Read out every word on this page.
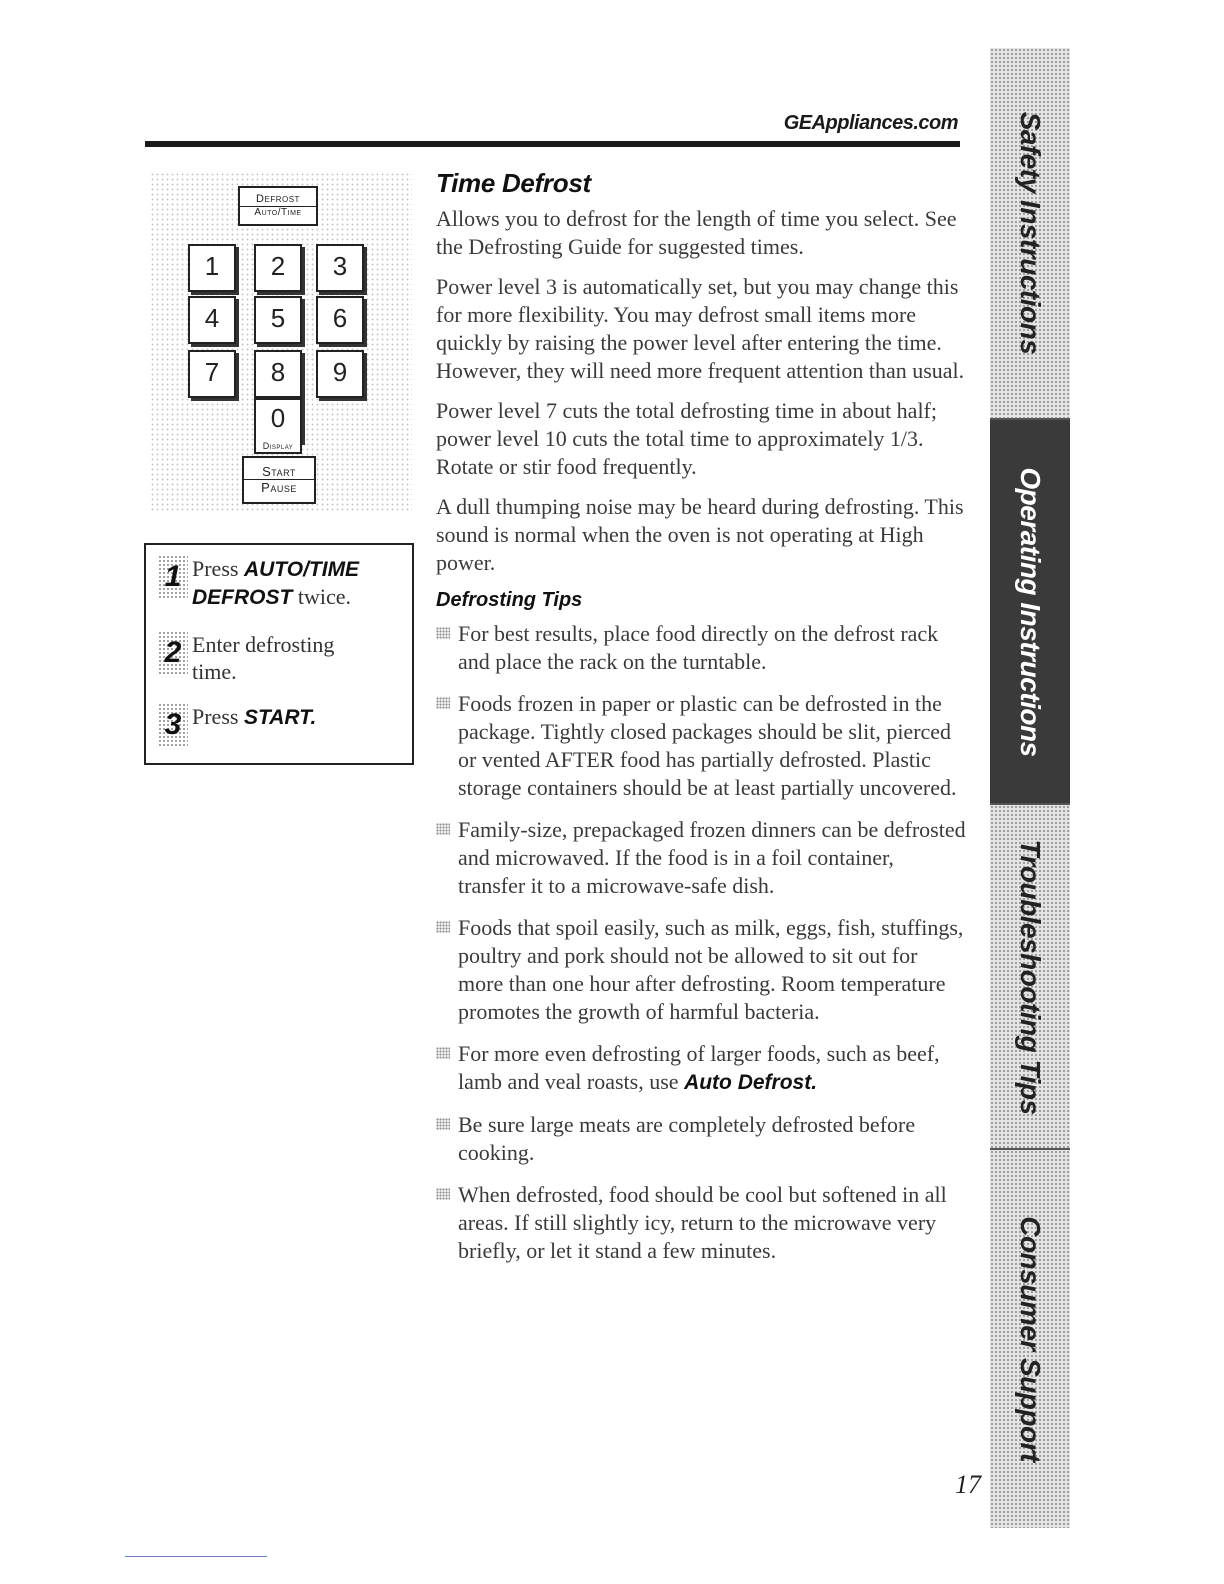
GEAppliances.com
Defrost
Auto/Time
1	2	3
4	5	6
7	8	9
0
Display
Start
Pause
1 Press AUTO/TIME DEFROST twice.
2 Enter defrosting time.
3 Press START.
Time Defrost

Allows you to defrost for the length of time you select. See the Defrosting Guide for suggested times.

Power level 3 is automatically set, but you may change this for more flexibility. You may defrost small items more quickly by raising the power level after entering the time. However, they will need more frequent attention than usual.

Power level 7 cuts the total defrosting time in about half; power level 10 cuts the total time to approximately 1/3. Rotate or stir food frequently.

A dull thumping noise may be heard during defrosting. This sound is normal when the oven is not operating at High power.

Defrosting Tips
For best results, place food directly on the defrost rack and place the rack on the turntable.
Foods frozen in paper or plastic can be defrosted in the package. Tightly closed packages should be slit, pierced or vented AFTER food has partially defrosted. Plastic storage containers should be at least partially uncovered.
Family-size, prepackaged frozen dinners can be defrosted and microwaved. If the food is in a foil container, transfer it to a microwave-safe dish.
Foods that spoil easily, such as milk, eggs, fish, stuffings, poultry and pork should not be allowed to sit out for more than one hour after defrosting. Room temperature promotes the growth of harmful bacteria.
For more even defrosting of larger foods, such as beef, lamb and veal roasts, use Auto Defrost.
Be sure large meats are completely defrosted before cooking.
When defrosted, food should be cool but softened in all areas. If still slightly icy, return to the microwave very briefly, or let it stand a few minutes.
17
Safety Instructions
Operating Instructions
Troubleshooting Tips
Consumer Support
